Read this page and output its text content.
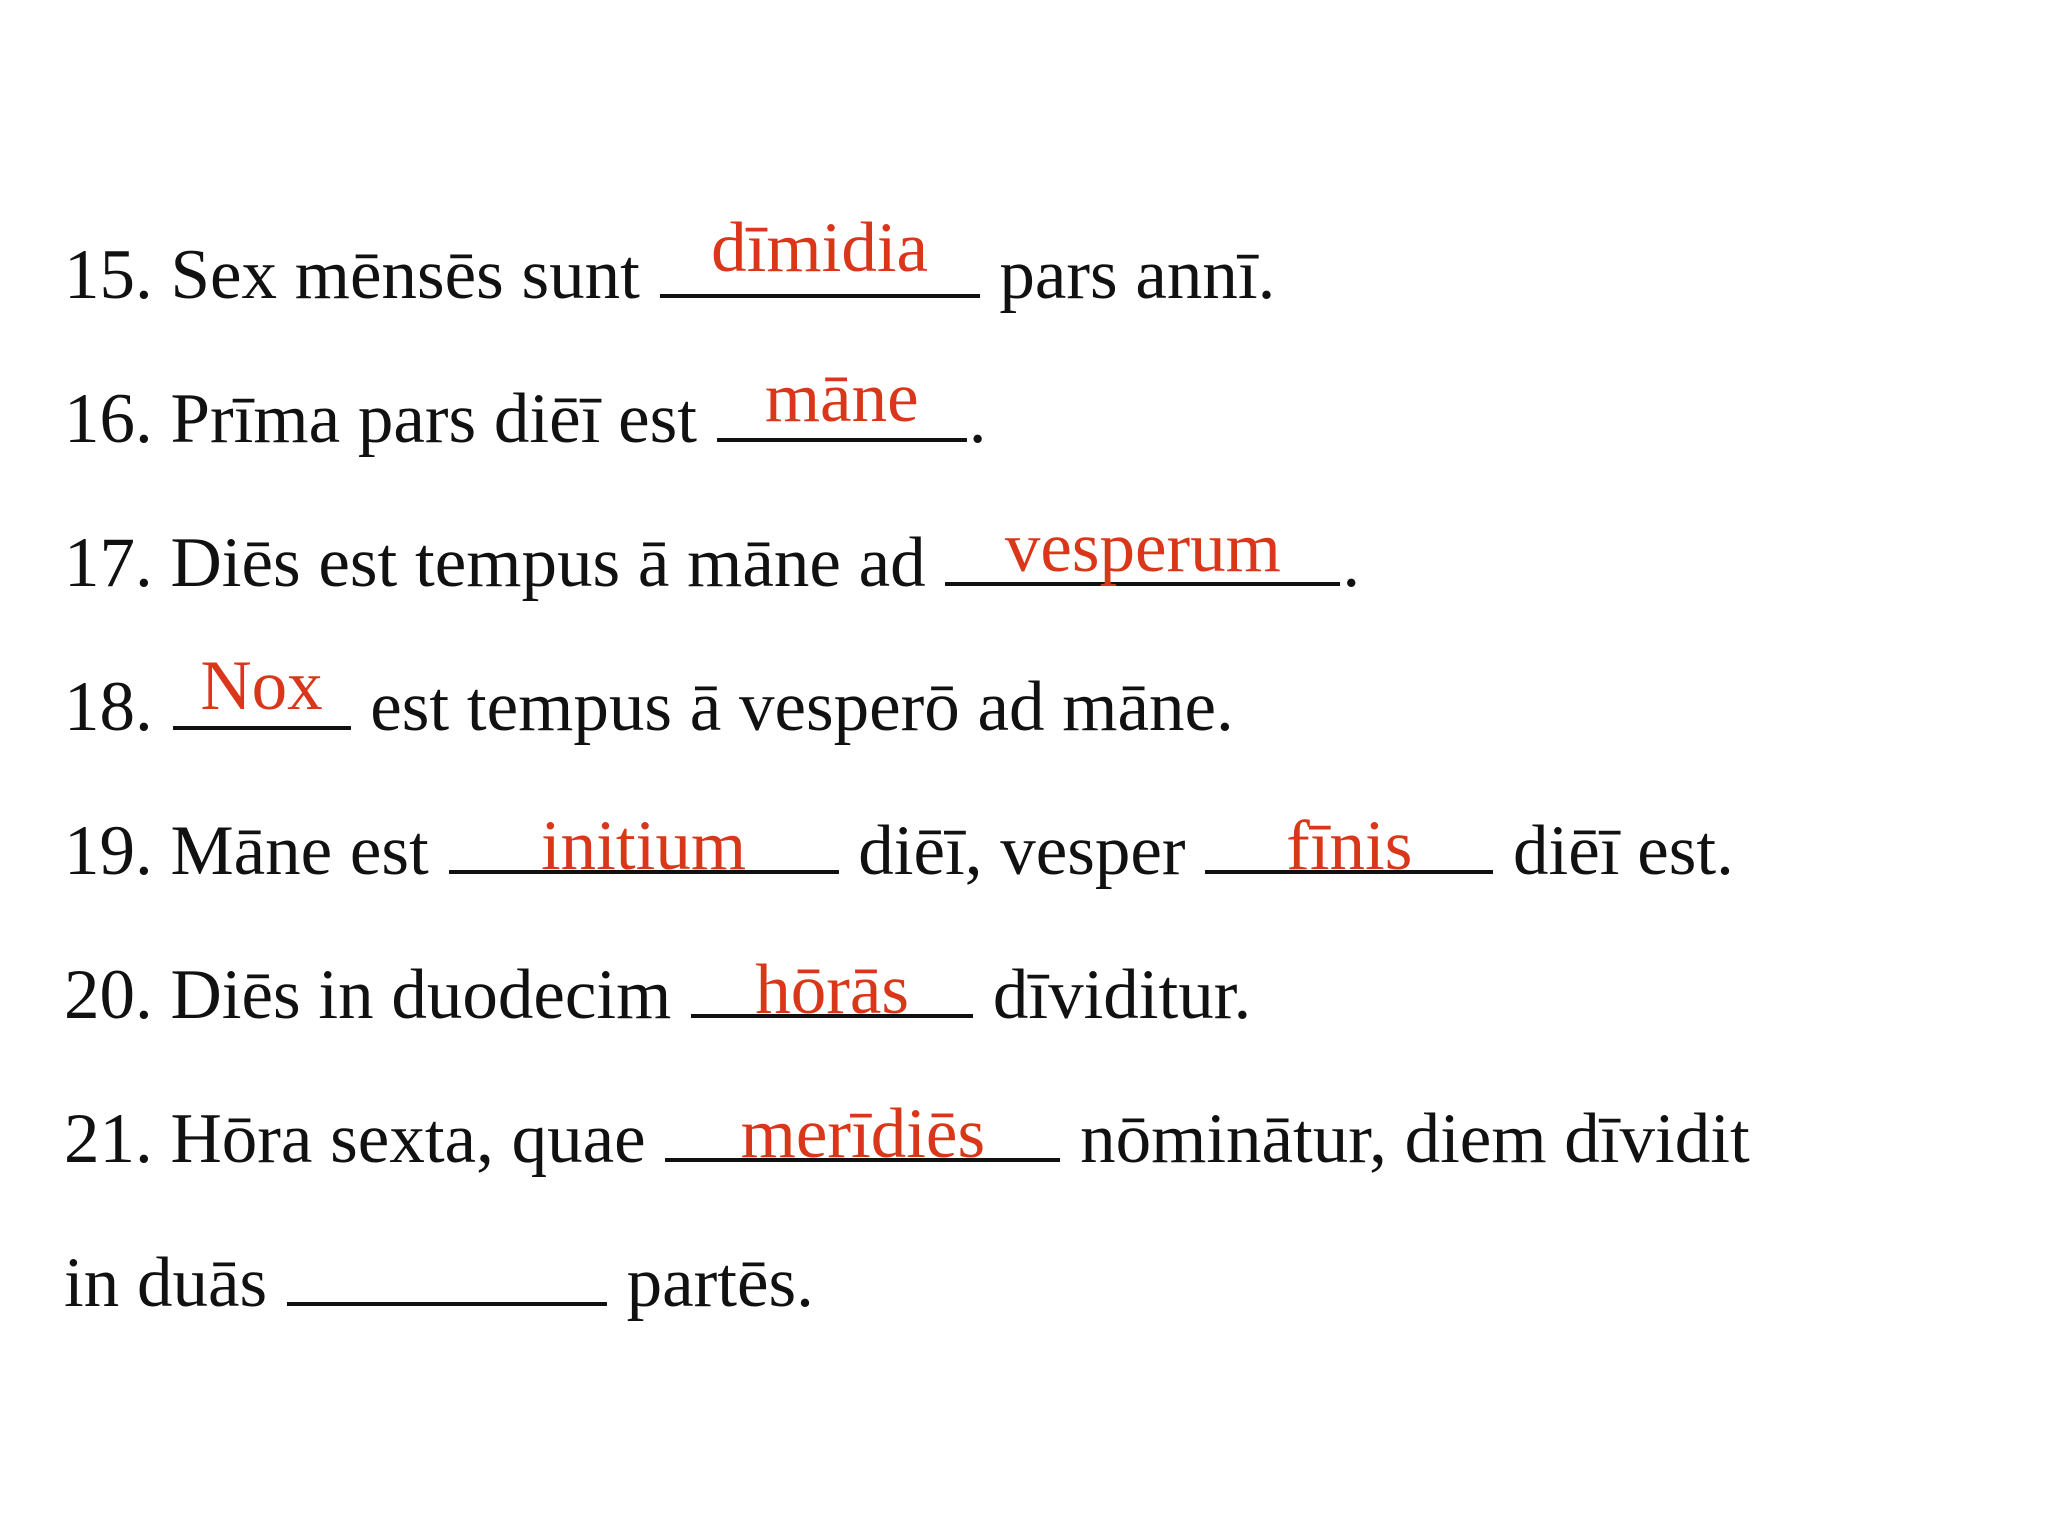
15. Sex mēnsēs sunt	dīmidia	pars annī.
16. Prīma pars diēī est māne .
17. Diēs est tempus ā māne ad	vesperum .
18. Nox est tempus ā vesperō ad māne.
19. Māne est	initium	diēī, vesper	fīnis	diēī est.
20. Diēs in duodecim	hōrās	dīviditur.
21. Hōra sexta, quae	merīdiēs	nōminātur, diem dīvidit
in duās	partēs.
